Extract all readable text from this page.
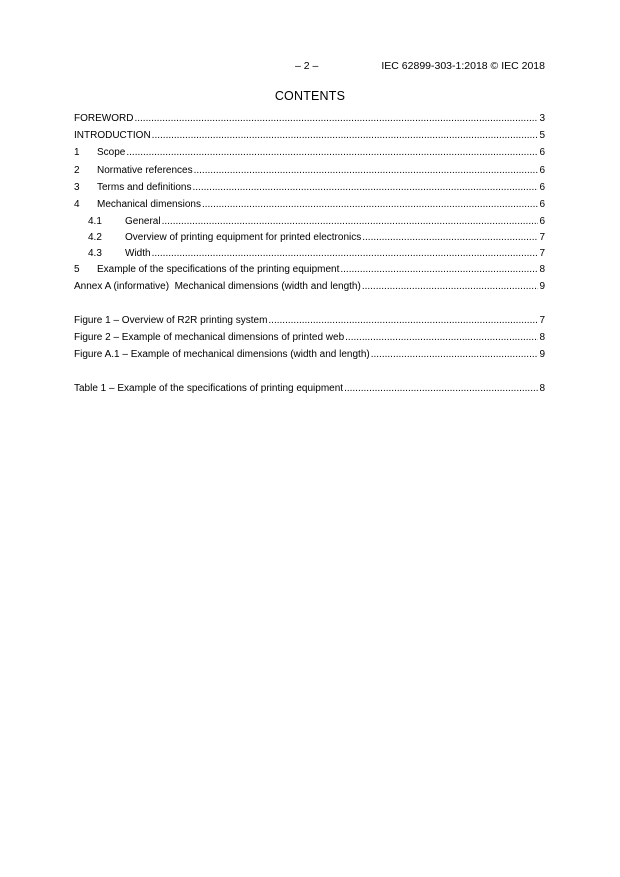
– 2 –	IEC 62899-303-1:2018 © IEC 2018
CONTENTS
FOREWORD .....	3
INTRODUCTION .....	5
1	Scope .....	6
2	Normative references .....	6
3	Terms and definitions .....	6
4	Mechanical dimensions .....	6
4.1	General .....	6
4.2	Overview of printing equipment for printed electronics .....	7
4.3	Width .....	7
5	Example of the specifications of the printing equipment .....	8
Annex A (informative)  Mechanical dimensions (width and length) .....	9
Figure 1 – Overview of R2R printing system .....	7
Figure 2 – Example of mechanical dimensions of printed web .....	8
Figure A.1 – Example of mechanical dimensions (width and length) .....	9
Table 1 – Example of the specifications of printing equipment .....	8
